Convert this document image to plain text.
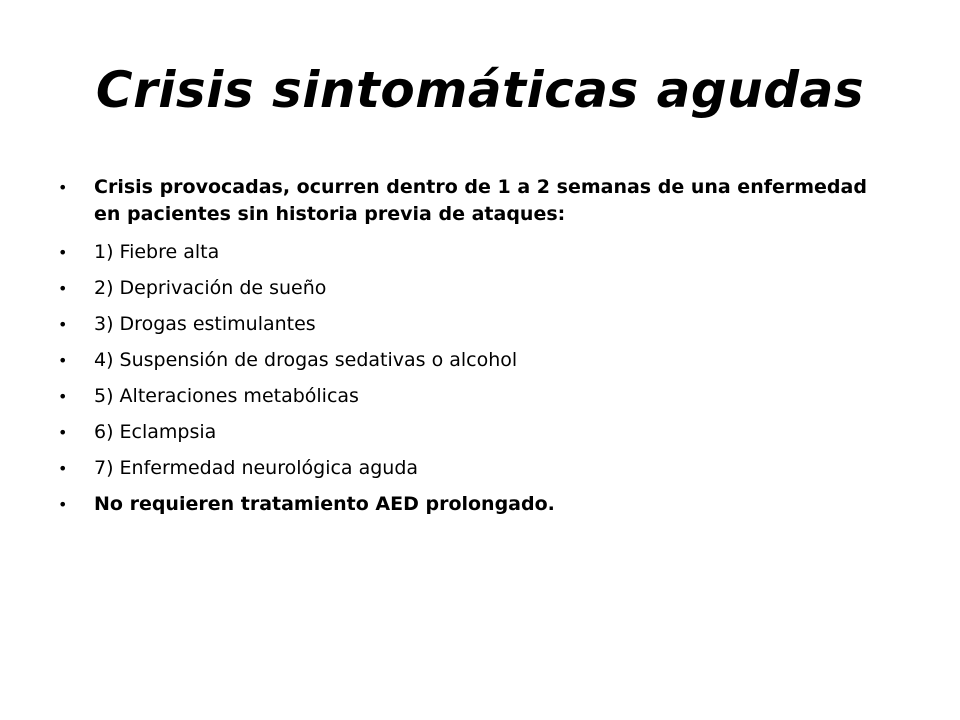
Crisis sintomáticas agudas
•	Crisis provocadas, ocurren dentro de 1 a 2 semanas de una enfermedad en pacientes sin historia previa de ataques:
•	1) Fiebre alta
•	2) Deprivación de sueño
•	3) Drogas estimulantes
•	4) Suspensión de drogas sedativas o alcohol
•	5) Alteraciones metabólicas
•	6) Eclampsia
•	7) Enfermedad neurológica aguda
•	No requieren tratamiento AED prolongado.
